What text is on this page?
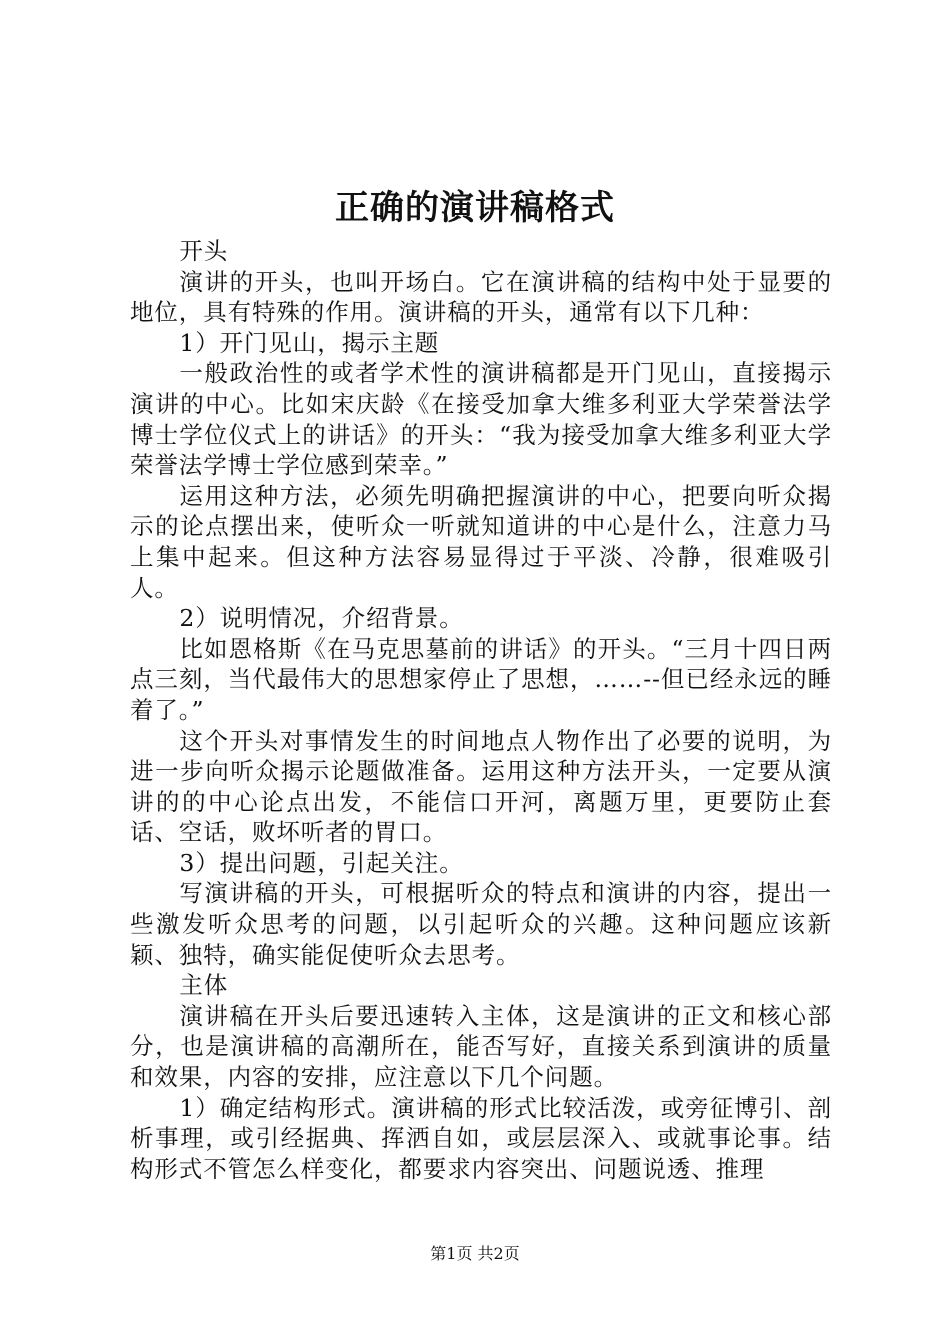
正确的演讲稿格式

开头

演讲的开头，也叫开场白。它在演讲稿的结构中处于显要的地位，具有特殊的作用。演讲稿的开头，通常有以下几种：

1）开门见山，揭示主题

一般政治性的或者学术性的演讲稿都是开门见山，直接揭示演讲的中心。比如宋庆龄《在接受加拿大维多利亚大学荣誉法学博士学位仪式上的讲话》的开头：“我为接受加拿大维多利亚大学荣誉法学博士学位感到荣幸。”

运用这种方法，必须先明确把握演讲的中心，把要向听众揭示的论点摆出来，使听众一听就知道讲的中心是什么，注意力马上集中起来。但这种方法容易显得过于平淡、冷静，很难吸引人。

2）说明情况，介绍背景。

比如恩格斯《在马克思墓前的讲话》的开头。“三月十四日两点三刻，当代最伟大的思想家停止了思想，……--但已经永远的睡着了。”

这个开头对事情发生的时间地点人物作出了必要的说明，为进一步向听众揭示论题做准备。运用这种方法开头，一定要从演讲的的中心论点出发，不能信口开河，离题万里，更要防止套话、空话，败坏听者的胃口。

3）提出问题，引起关注。

写演讲稿的开头，可根据听众的特点和演讲的内容，提出一些激发听众思考的问题，以引起听众的兴趣。这种问题应该新颖、独特，确实能促使听众去思考。

主体

演讲稿在开头后要迅速转入主体，这是演讲的正文和核心部分，也是演讲稿的高潮所在，能否写好，直接关系到演讲的质量和效果，内容的安排，应注意以下几个问题。

1）确定结构形式。演讲稿的形式比较活泼，或旁征博引、剖析事理，或引经据典、挥洒自如，或层层深入、或就事论事。结构形式不管怎么样变化，都要求内容突出、问题说透、推理

第1页 共2页
